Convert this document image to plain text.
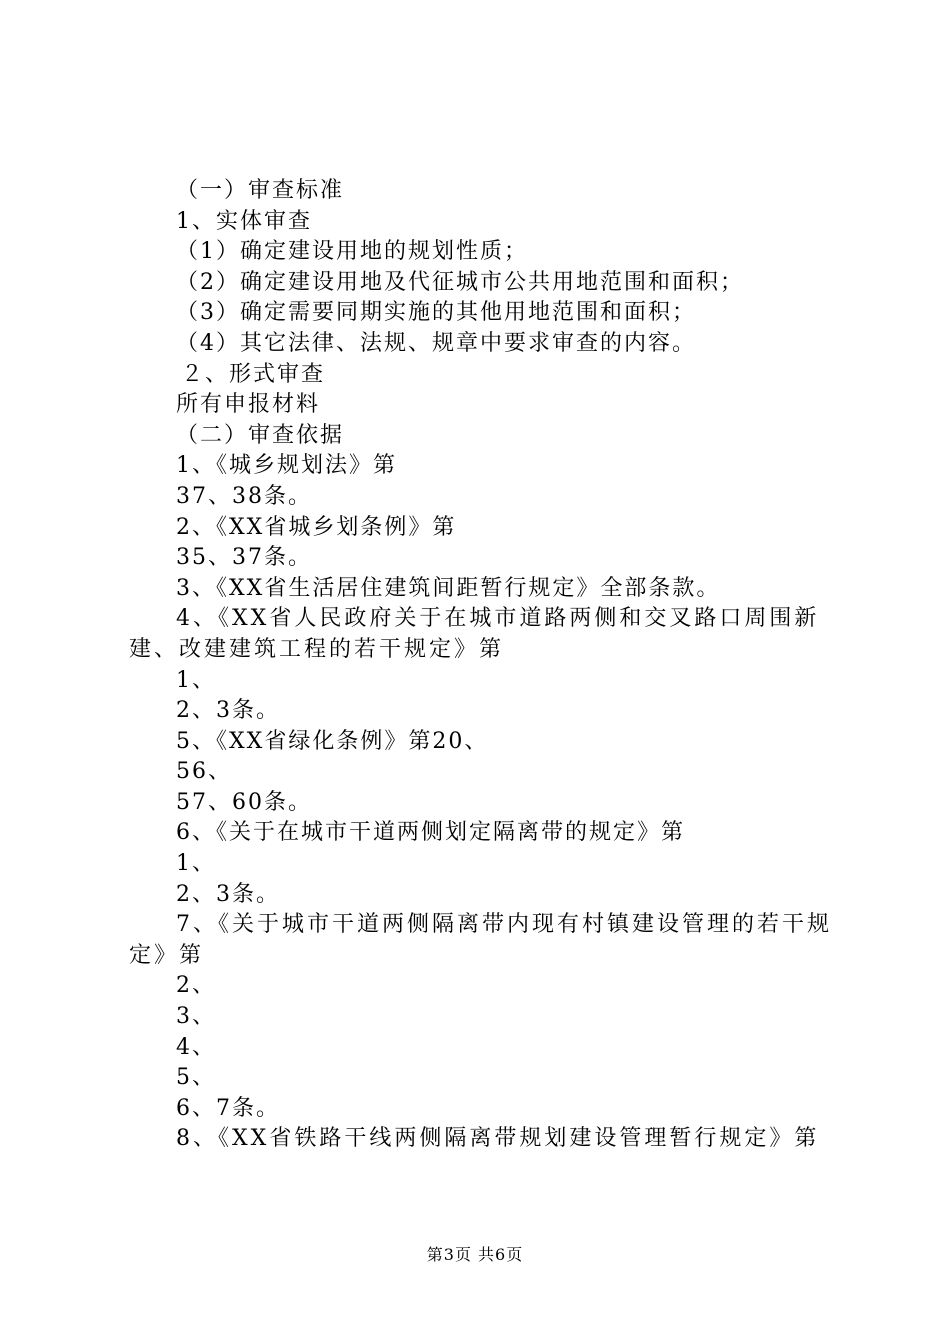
（一）审查标准
1、实体审查
（1）确定建设用地的规划性质；
（2）确定建设用地及代征城市公共用地范围和面积；
（3）确定需要同期实施的其他用地范围和面积；
（4）其它法律、法规、规章中要求审查的内容。
２、形式审查
所有申报材料
（二）审查依据
1、《城乡规划法》第
37、38条。
2、《XX省城乡划条例》第
35、37条。
3、《XX省生活居住建筑间距暂行规定》全部条款。
4、《XX省人民政府关于在城市道路两侧和交叉路口周围新建、改建建筑工程的若干规定》第
1、
2、3条。
5、《XX省绿化条例》第20、
56、
57、60条。
6、《关于在城市干道两侧划定隔离带的规定》第
1、
2、3条。
7、《关于城市干道两侧隔离带内现有村镇建设管理的若干规定》第
2、
3、
4、
5、
6、7条。
8、《XX省铁路干线两侧隔离带规划建设管理暂行规定》第
第3页 共6页
